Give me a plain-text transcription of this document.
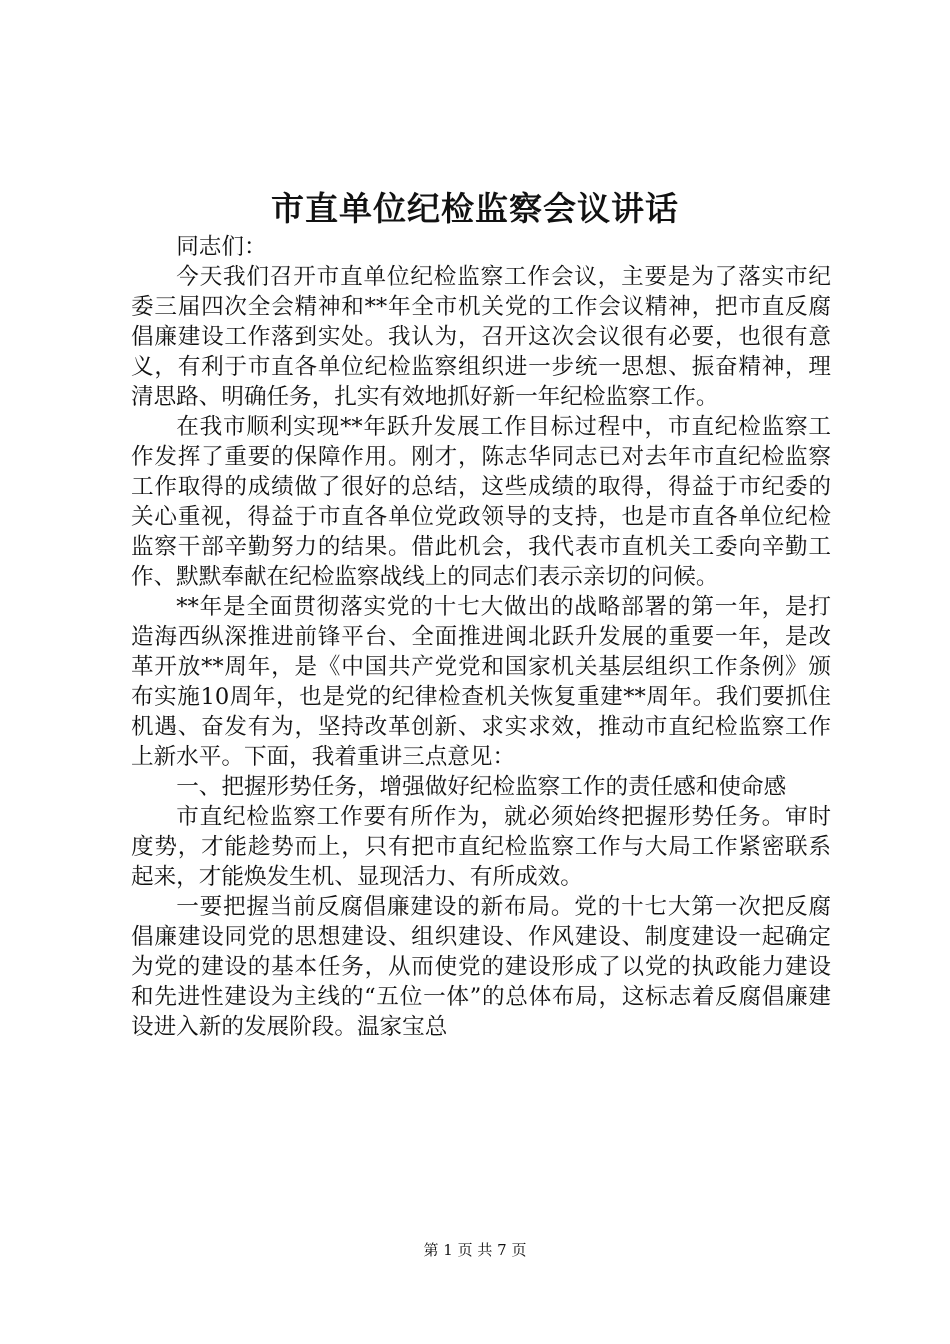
市直单位纪检监察会议讲话

同志们：

今天我们召开市直单位纪检监察工作会议，主要是为了落实市纪委三届四次全会精神和**年全市机关党的工作会议精神，把市直反腐倡廉建设工作落到实处。我认为，召开这次会议很有必要，也很有意义，有利于市直各单位纪检监察组织进一步统一思想、振奋精神，理清思路、明确任务，扎实有效地抓好新一年纪检监察工作。

在我市顺利实现**年跃升发展工作目标过程中，市直纪检监察工作发挥了重要的保障作用。刚才，陈志华同志已对去年市直纪检监察工作取得的成绩做了很好的总结，这些成绩的取得，得益于市纪委的关心重视，得益于市直各单位党政领导的支持，也是市直各单位纪检监察干部辛勤努力的结果。借此机会，我代表市直机关工委向辛勤工作、默默奉献在纪检监察战线上的同志们表示亲切的问候。

**年是全面贯彻落实党的十七大做出的战略部署的第一年，是打造海西纵深推进前锋平台、全面推进闽北跃升发展的重要一年，是改革开放**周年，是《中国共产党党和国家机关基层组织工作条例》颁布实施10周年，也是党的纪律检查机关恢复重建**周年。我们要抓住机遇、奋发有为，坚持改革创新、求实求效，推动市直纪检监察工作上新水平。下面，我着重讲三点意见：

一、把握形势任务，增强做好纪检监察工作的责任感和使命感

市直纪检监察工作要有所作为，就必须始终把握形势任务。审时度势，才能趁势而上，只有把市直纪检监察工作与大局工作紧密联系起来，才能焕发生机、显现活力、有所成效。

一要把握当前反腐倡廉建设的新布局。党的十七大第一次把反腐倡廉建设同党的思想建设、组织建设、作风建设、制度建设一起确定为党的建设的基本任务，从而使党的建设形成了以党的执政能力建设和先进性建设为主线的“五位一体”的总体布局，这标志着反腐倡廉建设进入新的发展阶段。温家宝总

第 1 页 共 7 页
